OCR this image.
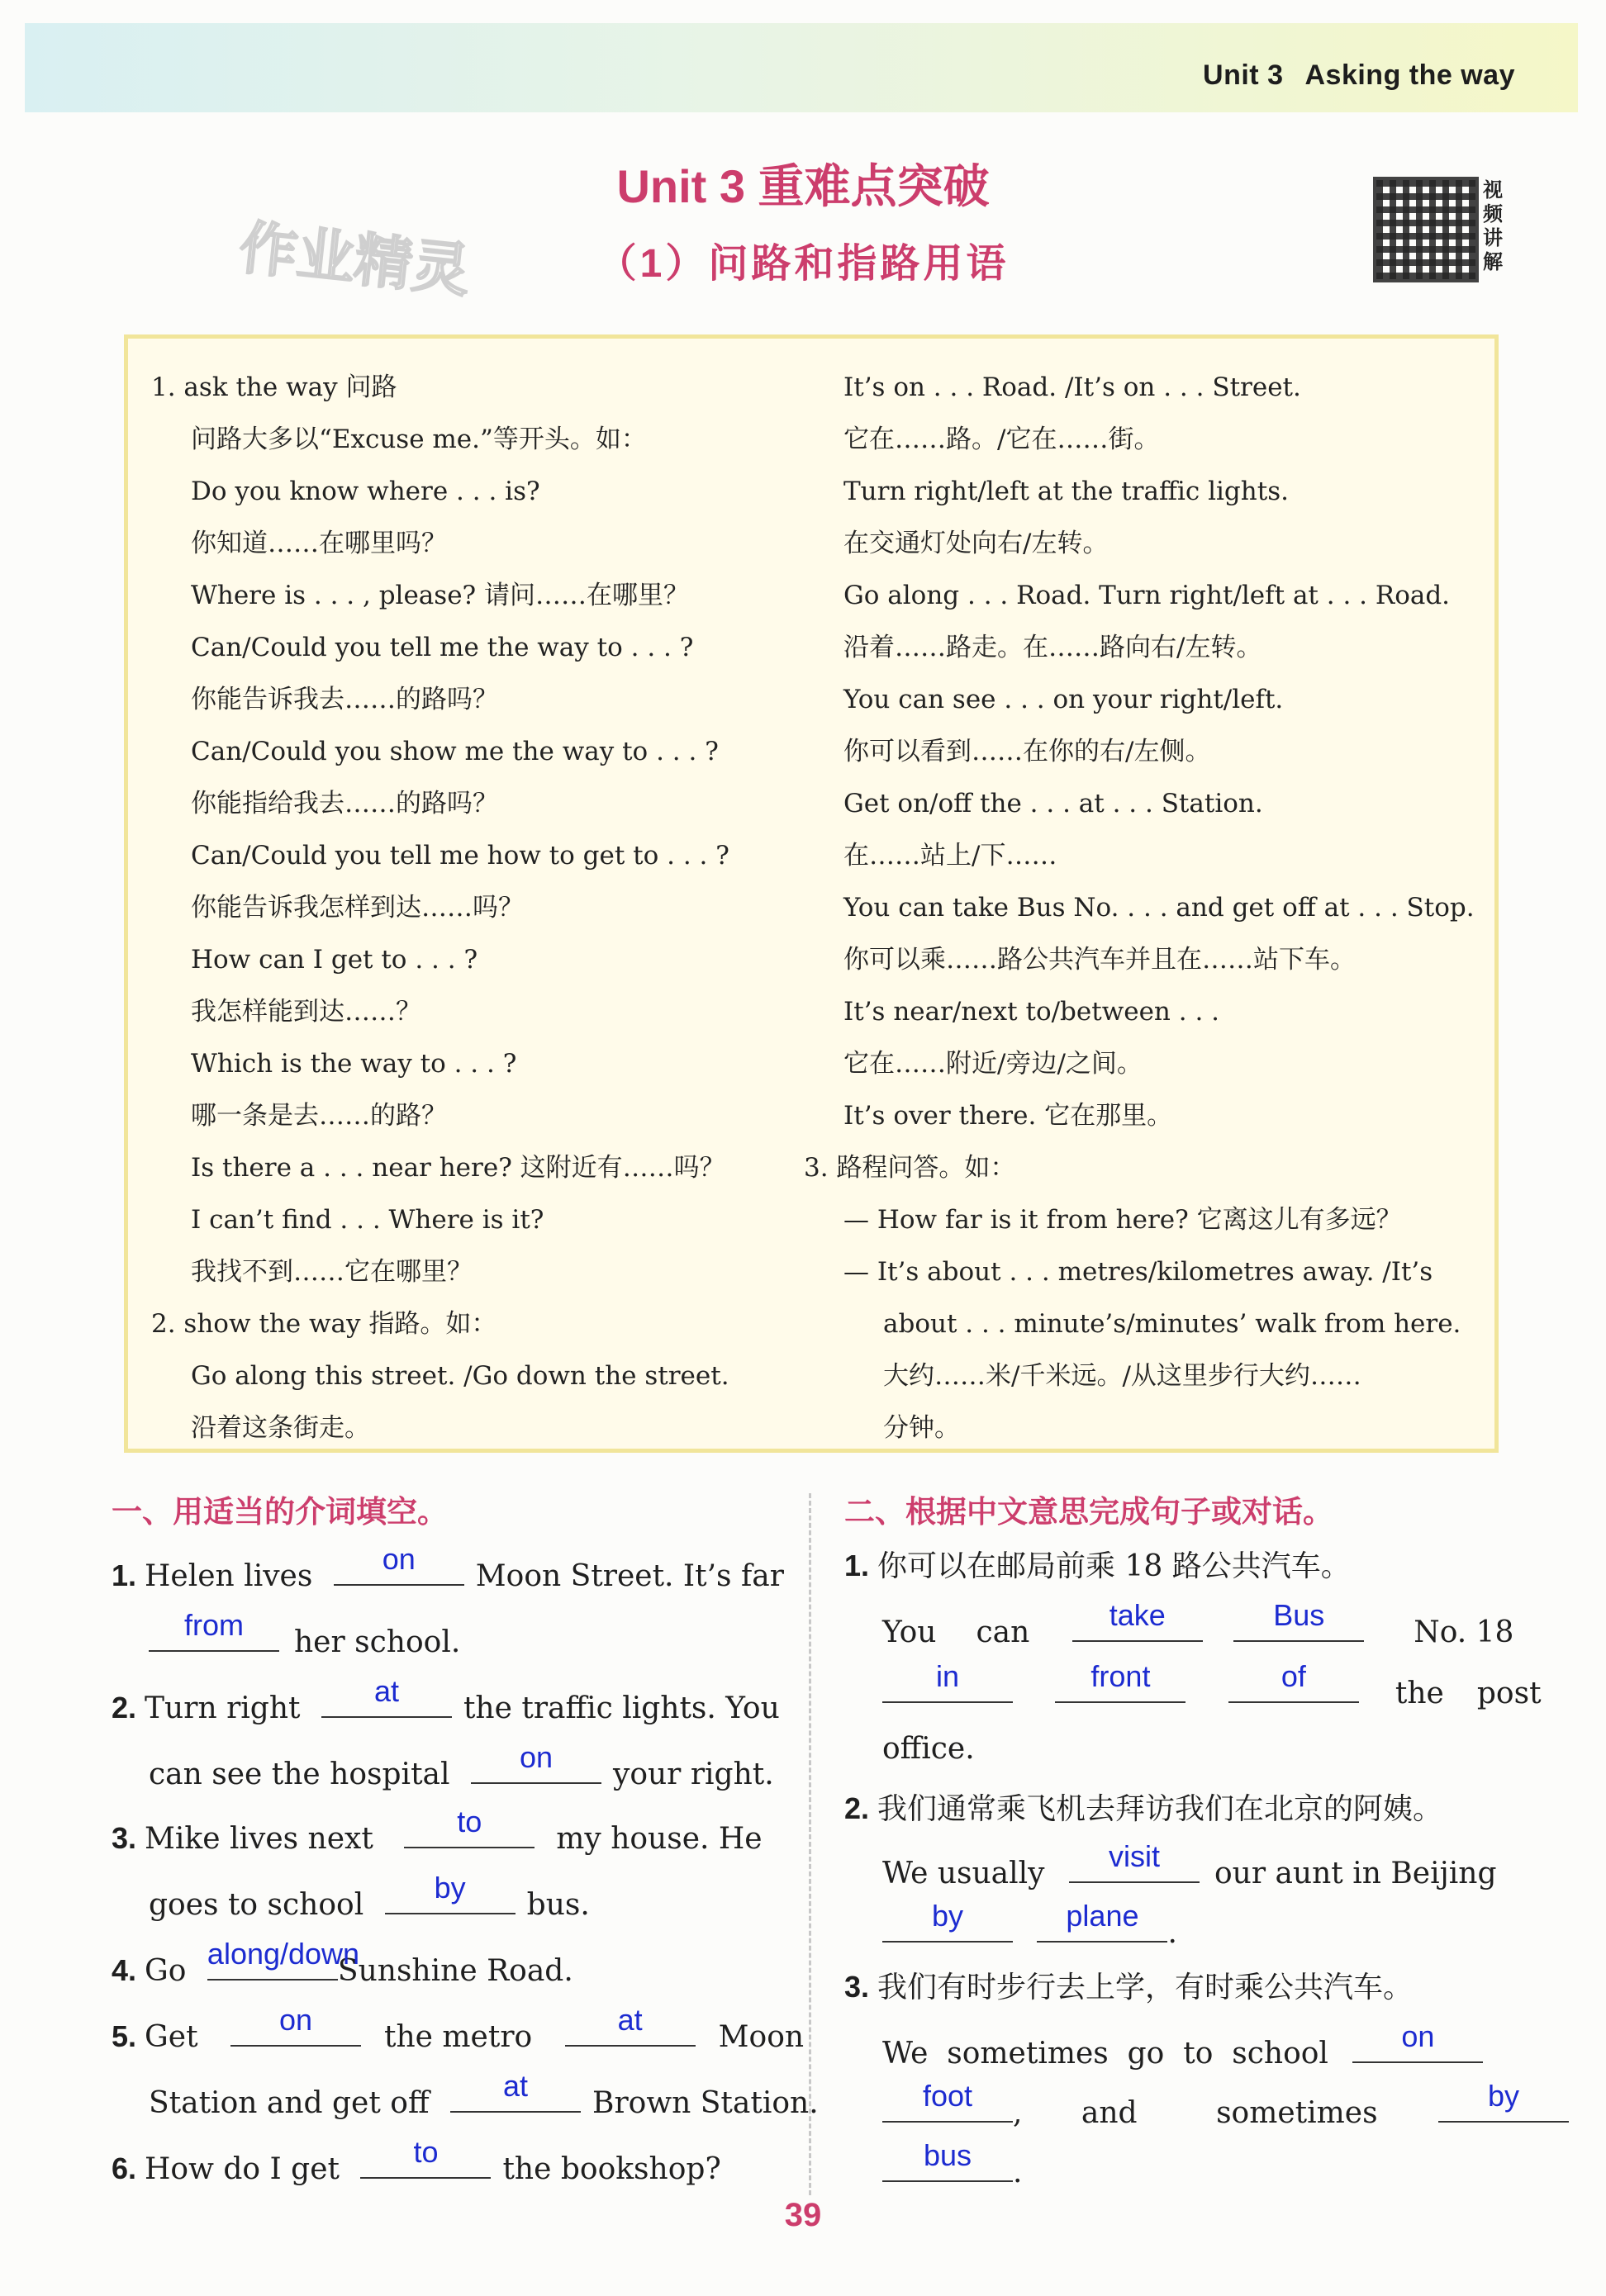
Unit 3 Asking the way
Unit 3 重难点突破
（1）问路和指路用语
作业精灵
视
频
讲
解
1. ask the way 问路
问路大多以“Excuse me.”等开头。如：
Do you know where . . . is?
你知道……在哪里吗？
Where is . . . , please? 请问……在哪里？
Can/Could you tell me the way to . . . ?
你能告诉我去……的路吗？
Can/Could you show me the way to . . . ?
你能指给我去……的路吗？
Can/Could you tell me how to get to . . . ?
你能告诉我怎样到达……吗？
How can I get to . . . ?
我怎样能到达……？
Which is the way to . . . ?
哪一条是去……的路？
Is there a . . . near here? 这附近有……吗？
I can’t find . . . Where is it?
我找不到……它在哪里？
2. show the way 指路。如：
Go along this street. /Go down the street.
沿着这条街走。
It’s on . . . Road. /It’s on . . . Street.
它在……路。/它在……街。
Turn right/left at the traffic lights.
在交通灯处向右/左转。
Go along . . . Road. Turn right/left at . . . Road.
沿着……路走。在……路向右/左转。
You can see . . . on your right/left.
你可以看到……在你的右/左侧。
Get on/off the . . . at . . . Station.
在……站上/下……
You can take Bus No. . . . and get off at . . . Stop.
你可以乘……路公共汽车并且在……站下车。
It’s near/next to/between . . .
它在……附近/旁边/之间。
It’s over there. 它在那里。
3. 路程问答。如：
— How far is it from here? 它离这儿有多远？
— It’s about . . . metres/kilometres away. /It’s
about . . . minute’s/minutes’ walk from here.
大约……米/千米远。/从这里步行大约……
分钟。
一、用适当的介词填空。
1. Helen lives
on
Moon Street. It’s far
from
her school.
2. Turn right
at
the traffic lights. You
can see the hospital
on
your right.
3. Mike lives next
to
my house. He
goes to school
by
bus.
4. Go
along/down
Sunshine Road.
5. Get
on
the metro
at
Moon
Station and get off
at
Brown Station.
6. How do I get
to
the bookshop?
二、根据中文意思完成句子或对话。
1. 你可以在邮局前乘 18 路公共汽车。
You can
take
	Bus
No. 18
in
	front
	of
the post
office.
2. 我们通常乘飞机去拜访我们在北京的阿姨。
We usually
visit
our aunt in Beijing
by
	plane
.
3. 我们有时步行去上学，有时乘公共汽车。
We  sometimes  go  to  school
on
foot
, and	sometimes
by
bus
.
39
